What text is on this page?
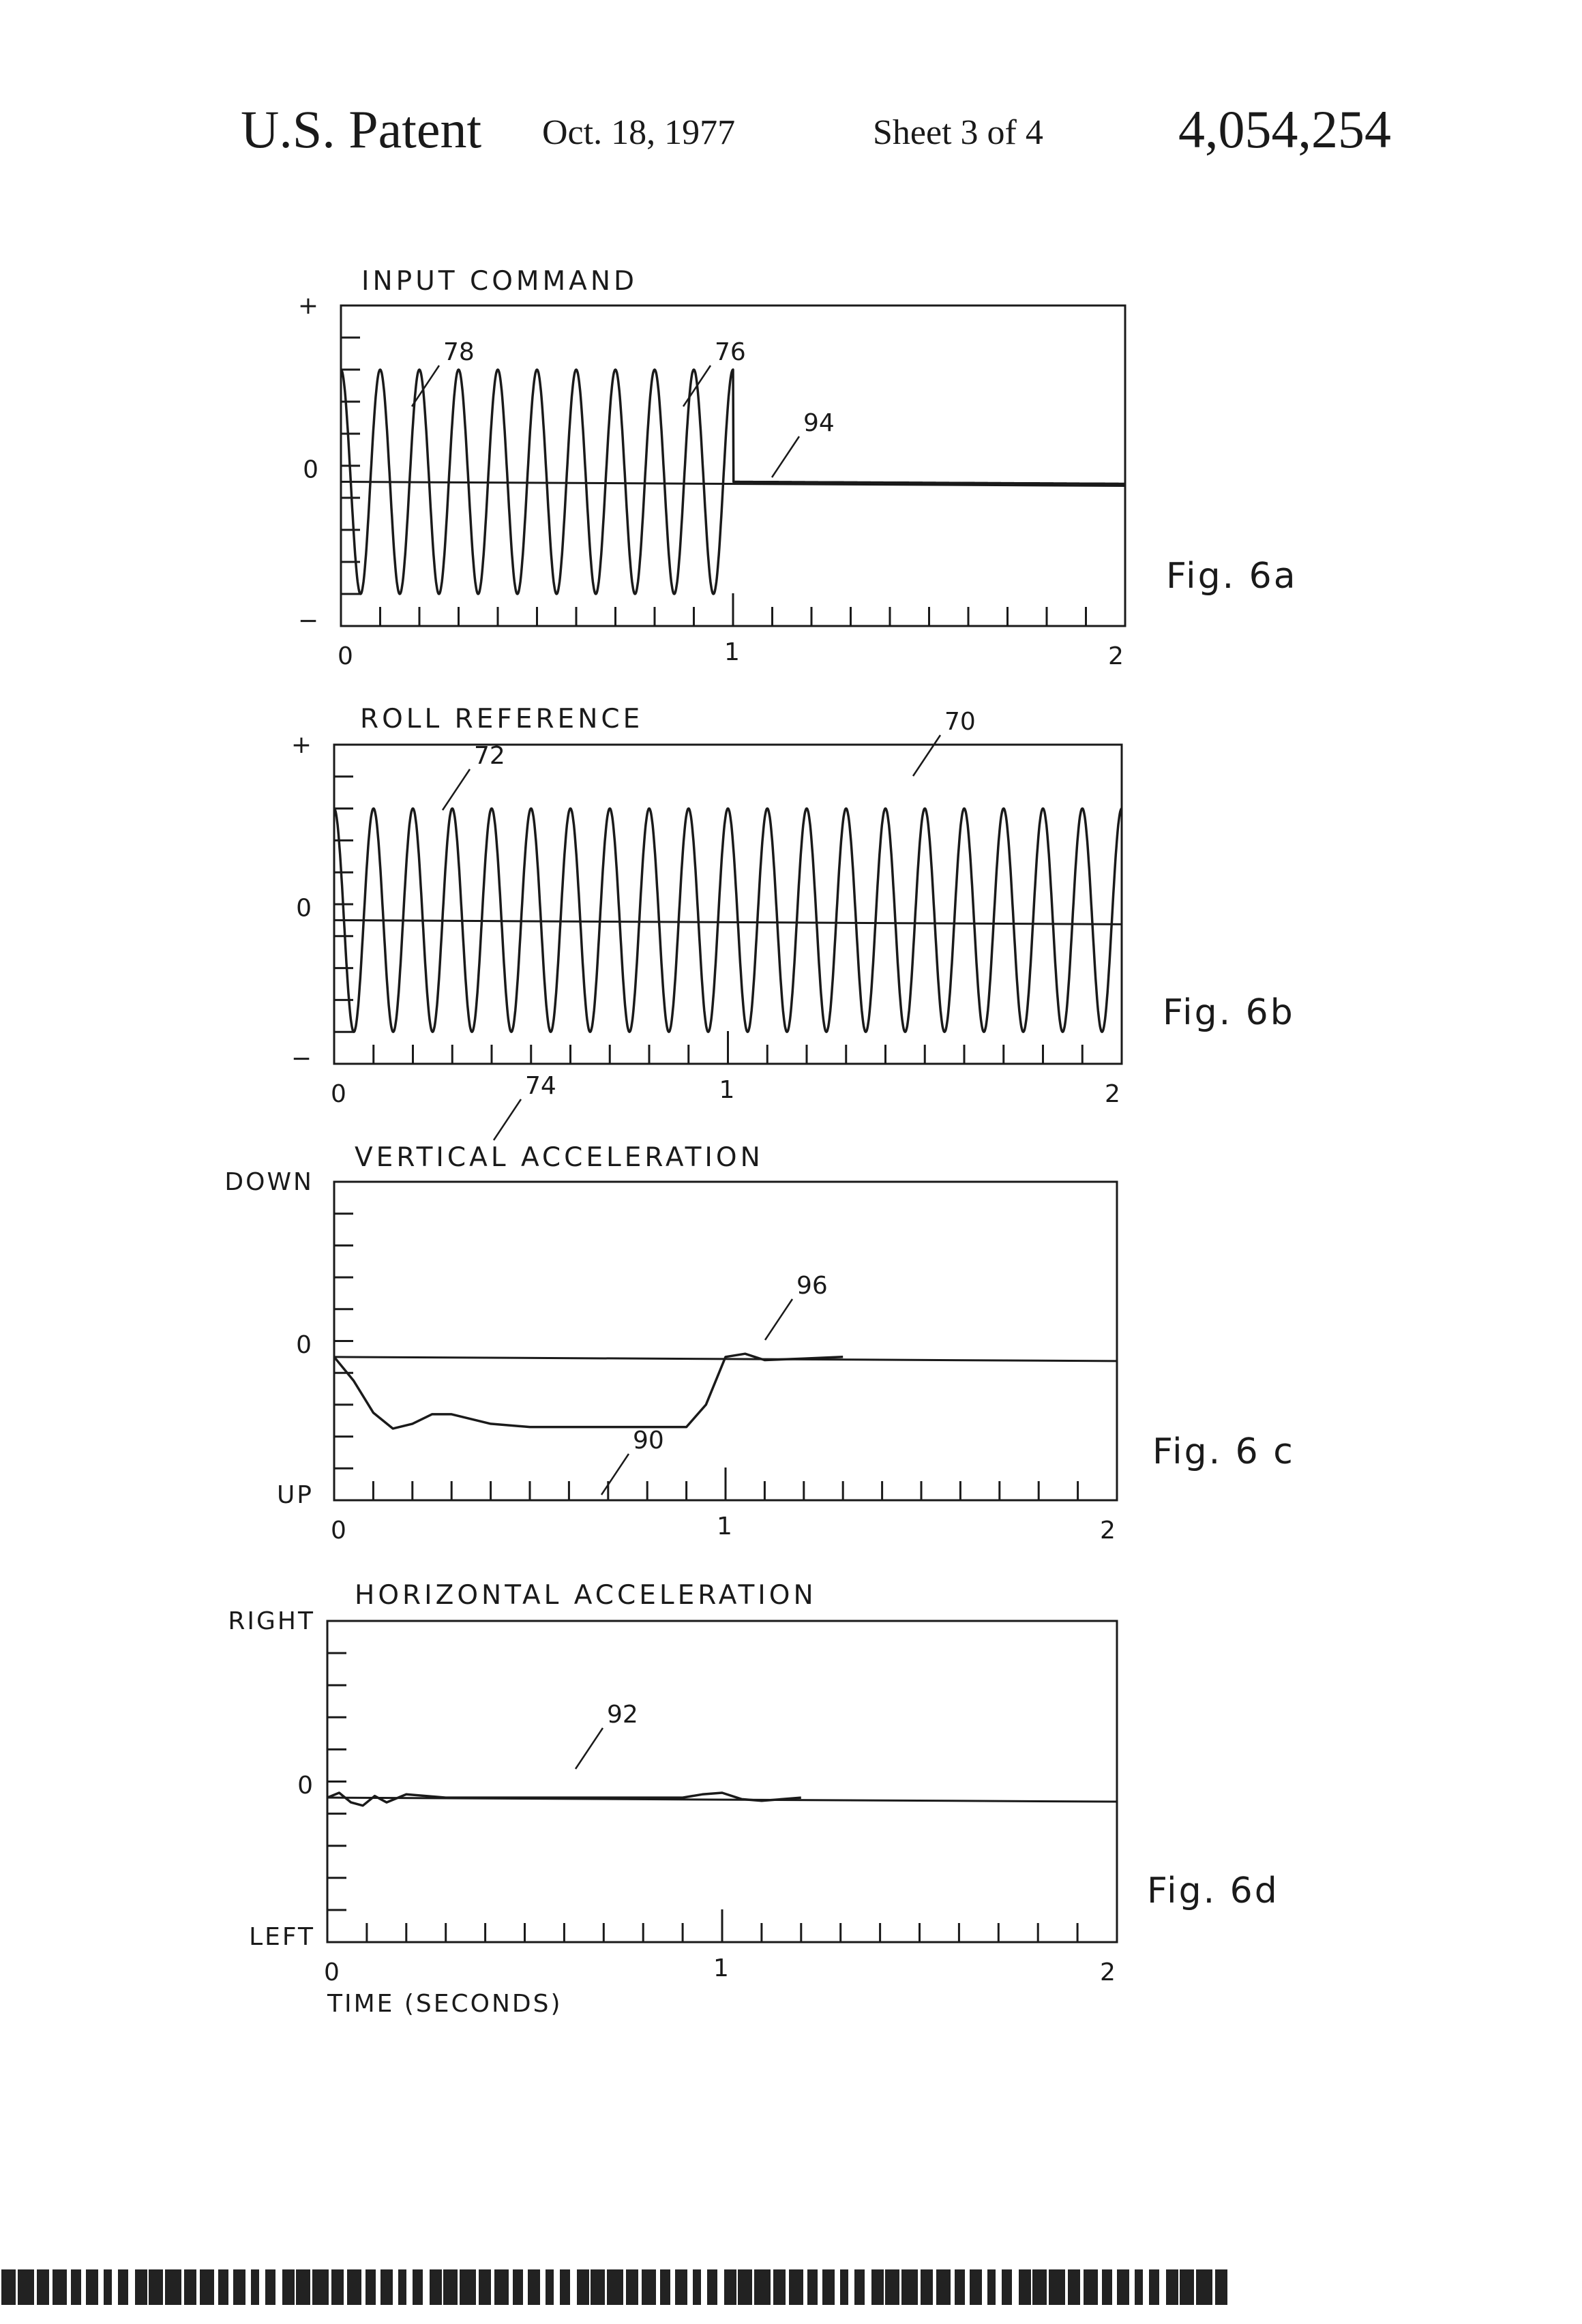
U.S. Patent Oct. 18, 1977	Sheet 3 of 4	4,054,254
INPUT COMMAND
Fig. 6a
+
0
−
0	1	2
78	76
94
ROLL REFERENCE
Fig. 6b
+
0
−
0	1	2
72
70
74
VERTICAL ACCELERATION
Fig. 6 c
DOWN
0
UP
0	1	2
96
90
HORIZONTAL ACCELERATION
Fig. 6d
RIGHT
0
LEFT
0	1	2
TIME (SECONDS)
92
